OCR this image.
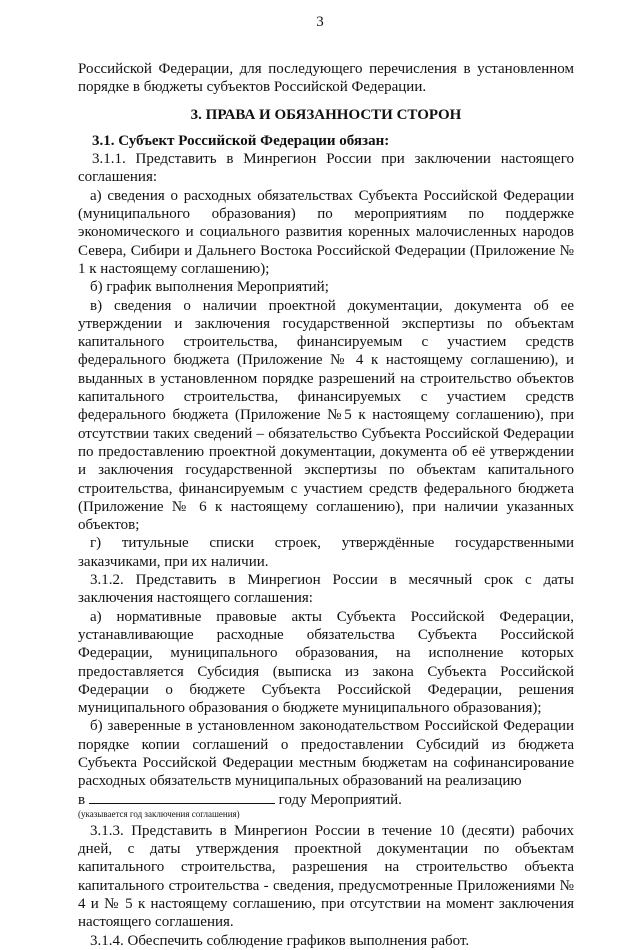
3

Российской Федерации, для последующего перечисления в установленном порядке в бюджеты субъектов Российской Федерации.

3. ПРАВА И ОБЯЗАННОСТИ СТОРОН

3.1. Субъект Российской Федерации обязан:

3.1.1. Представить в Минрегион России при заключении настоящего соглашения:

а) сведения о расходных обязательствах Субъекта Российской Федерации (муниципального образования) по мероприятиям по поддержке экономического и социального развития коренных малочисленных народов Севера, Сибири и Дальнего Востока Российской Федерации (Приложение № 1 к настоящему соглашению);

б) график выполнения Мероприятий;

в) сведения о наличии проектной документации, документа об ее утверждении и заключения государственной экспертизы по объектам капитального строительства, финансируемым с участием средств федерального бюджета (Приложение № 4 к настоящему соглашению), и выданных в установленном порядке разрешений на строительство объектов капитального строительства, финансируемых с участием средств федерального бюджета (Приложение №5 к настоящему соглашению), при отсутствии таких сведений – обязательство Субъекта Российской Федерации по предоставлению проектной документации, документа об её утверждении и заключения государственной экспертизы по объектам капитального строительства, финансируемым с участием средств федерального бюджета (Приложение № 6 к настоящему соглашению), при наличии указанных объектов;

г) титульные списки строек, утверждённые государственными заказчиками, при их наличии.

3.1.2. Представить в Минрегион России в месячный срок с даты заключения настоящего соглашения:

а) нормативные правовые акты Субъекта Российской Федерации, устанавливающие расходные обязательства Субъекта Российской Федерации, муниципального образования, на исполнение которых предоставляется Субсидия (выписка из закона Субъекта Российской Федерации о бюджете Субъекта Российской Федерации, решения муниципального образования о бюджете муниципального образования);

б) заверенные в установленном законодательством Российской Федерации порядке копии соглашений о предоставлении Субсидий из бюджета Субъекта Российской Федерации местным бюджетам на софинансирование расходных обязательств муниципальных образований на реализацию

в	году Мероприятий.

(указывается год заключения соглашения)

3.1.3. Представить в Минрегион России в течение 10 (десяти) рабочих дней, с даты утверждения проектной документации по объектам капитального строительства, разрешения на строительство объекта капитального строительства - сведения, предусмотренные Приложениями № 4 и № 5 к настоящему соглашению, при отсутствии на момент заключения настоящего соглашения.

3.1.4. Обеспечить соблюдение графиков выполнения работ.
